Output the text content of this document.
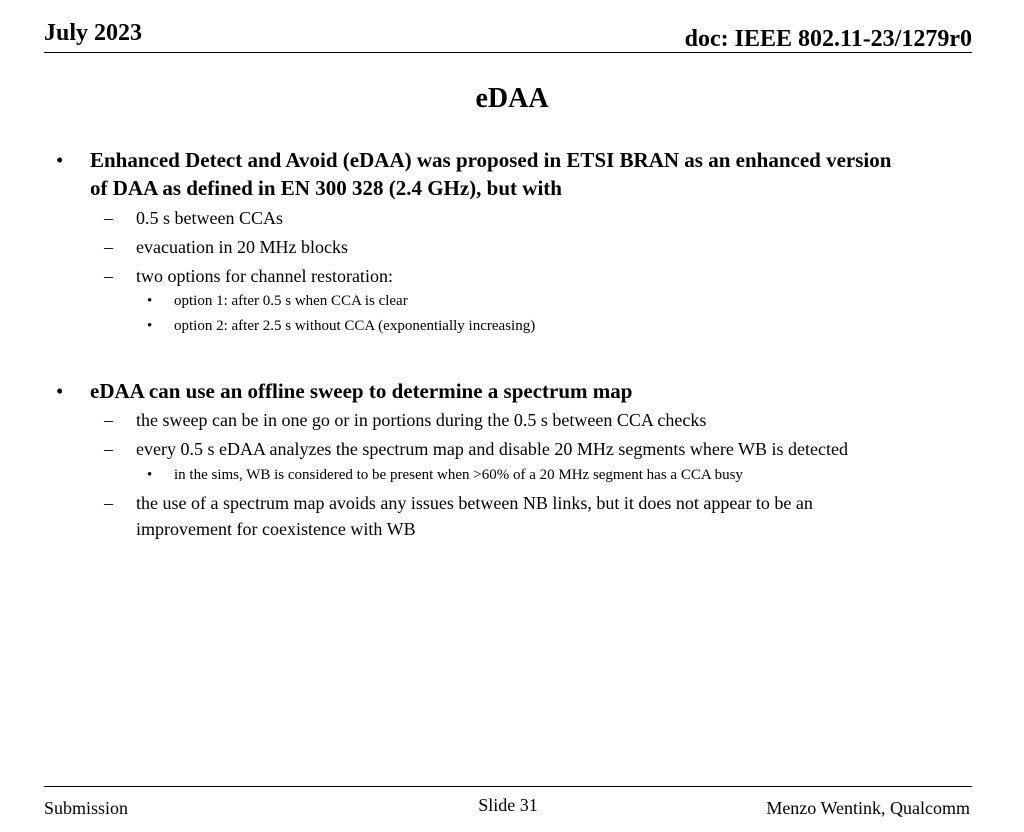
July 2023	doc: IEEE 802.11-23/1279r0
eDAA
• Enhanced Detect and Avoid (eDAA) was proposed in ETSI BRAN as an enhanced version of DAA as defined in EN 300 328 (2.4 GHz), but with
– 0.5 s between CCAs
– evacuation in 20 MHz blocks
– two options for channel restoration:
• option 1: after 0.5 s when CCA is clear
• option 2: after 2.5 s without CCA (exponentially increasing)
• eDAA can use an offline sweep to determine a spectrum map
– the sweep can be in one go or in portions during the 0.5 s between CCA checks
– every 0.5 s eDAA analyzes the spectrum map and disable 20 MHz segments where WB is detected
• in the sims, WB is considered to be present when >60% of a 20 MHz segment has a CCA busy
– the use of a spectrum map avoids any issues between NB links, but it does not appear to be an improvement for coexistence with WB
Submission	Slide 31	Menzo Wentink, Qualcomm
